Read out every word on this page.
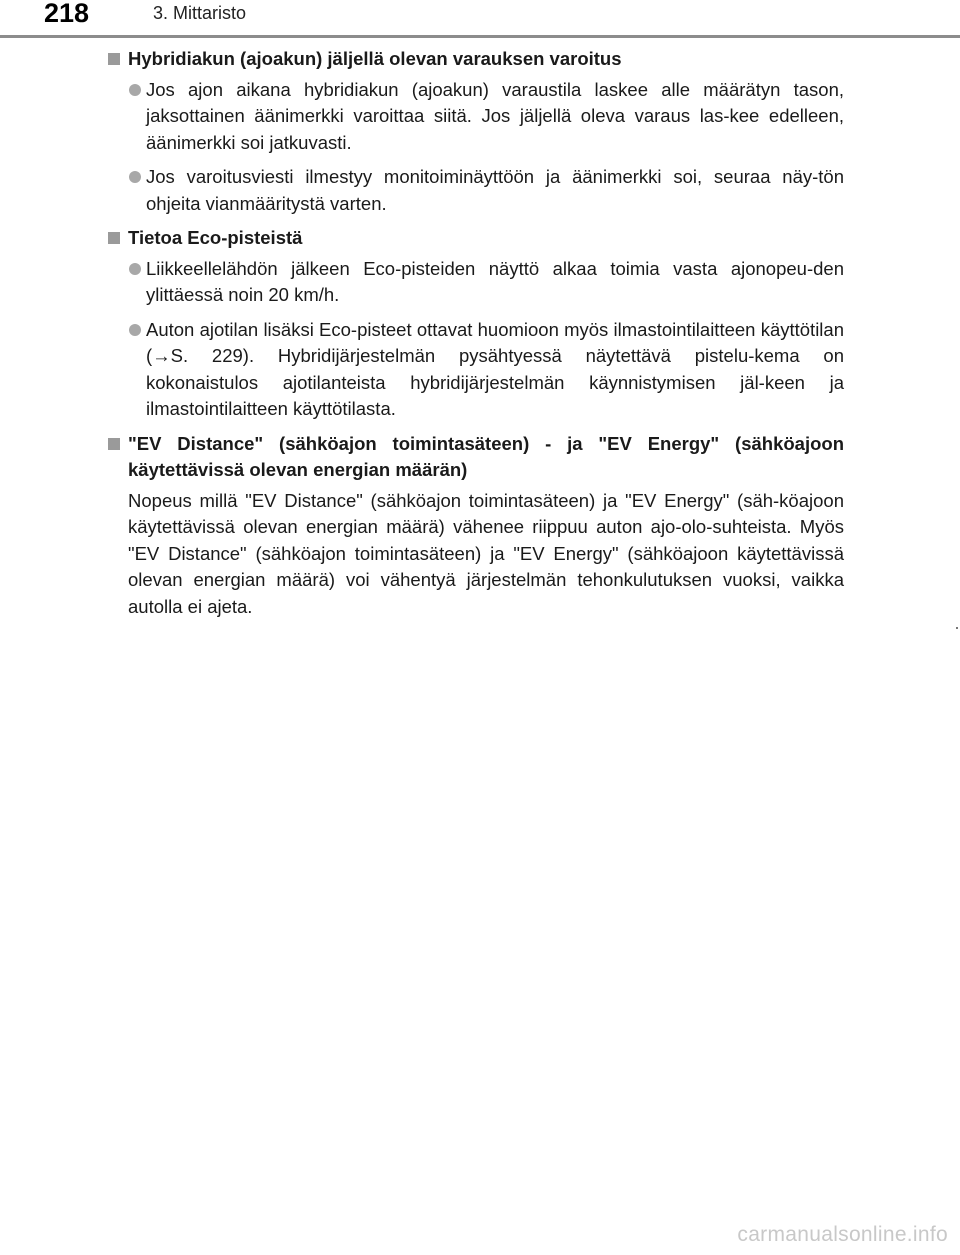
218	3. Mittaristo
Hybridiakun (ajoakun) jäljellä olevan varauksen varoitus
Jos ajon aikana hybridiakun (ajoakun) varaustila laskee alle määrätyn tason, jaksottainen äänimerkki varoittaa siitä. Jos jäljellä oleva varaus las-kee edelleen, äänimerkki soi jatkuvasti.
Jos varoitusviesti ilmestyy monitoiminäyttöön ja äänimerkki soi, seuraa näy-tön ohjeita vianmääritystä varten.
Tietoa Eco-pisteistä
Liikkeellelähdön jälkeen Eco-pisteiden näyttö alkaa toimia vasta ajonopeu-den ylittäessä noin 20 km/h.
Auton ajotilan lisäksi Eco-pisteet ottavat huomioon myös ilmastointilaitteen käyttötilan (→S. 229). Hybridijärjestelmän pysähtyessä näytettävä pistelu-kema on kokonaistulos ajotilanteista hybridijärjestelmän käynnistymisen jäl-keen ja ilmastointilaitteen käyttötilasta.
"EV Distance" (sähköajon toimintasäteen) - ja "EV Energy" (sähköajoon käytettävissä olevan energian määrän)
Nopeus millä "EV Distance" (sähköajon toimintasäteen) ja "EV Energy" (säh-köajoon käytettävissä olevan energian määrä) vähenee riippuu auton ajo-olo-suhteista. Myös "EV Distance" (sähköajon toimintasäteen) ja "EV Energy" (sähköajoon käytettävissä olevan energian määrä) voi vähentyä järjestelmän tehonkulutuksen vuoksi, vaikka autolla ei ajeta.
carmanualsonline.info
